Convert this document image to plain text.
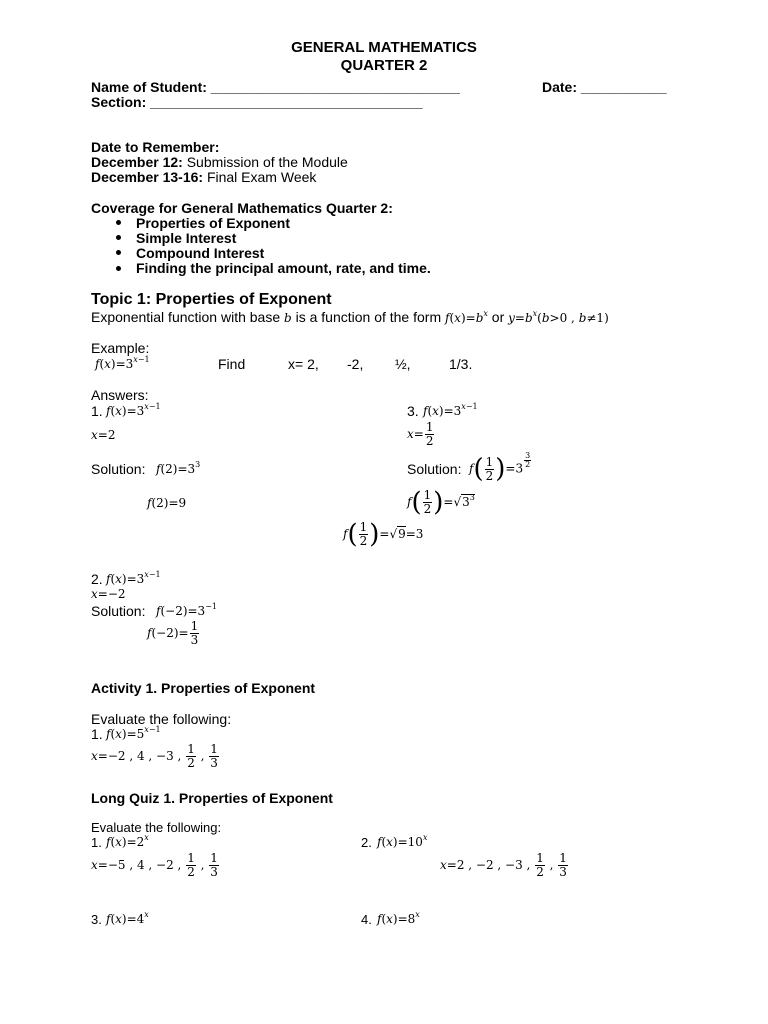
GENERAL MATHEMATICS
QUARTER 2
Name of Student: ________________________________	Date: ___________
Section: ___________________________________
Date to Remember:
December 12: Submission of the Module
December 13-16: Final Exam Week
Coverage for General Mathematics Quarter 2:
Properties of Exponent
Simple Interest
Compound Interest
Finding the principal amount, rate, and time.
Topic 1: Properties of Exponent
Exponential function with base b is a function of the form $f(x)=b^x$ or $y=b^x(b>0$ , b≠1)
Example:
$f(x)=3^{x-1}$	Find	x= 2, -2, ½,	1/3.
Answers:
1. $f(x)=3^{x-1}$
x=2
Solution: $f(2)=3^3$
f(2)=9
3. $f(x)=3^{x-1}$
$x= \frac{1}{2}$
Solution: $f( \frac{1}{2} )=3$ $^{\frac{3}{2}}$
$f( \frac{1}{2} )=√3^3$
$f( \frac{1}{2} )=√9=3$
2. $f(x)=3^{x-1}$
x=−2
Solution: $f(-2)=3^{-1}$
$f(-2)= \frac{1}{3}$
Activity 1. Properties of Exponent
Evaluate the following:
1. $f(x)=5^{x-1}$
x=−2 , 4 , −3 , $\frac{1}{2}$ , $\frac{1}{3}$
Long Quiz 1. Properties of Exponent
Evaluate the following:
1. $f(x)=2^x$
x=−5 , 4 , −2 , $\frac{1}{2}$ , $\frac{1}{3}$
2. $f(x)=10^x$
x=2 , −2 , −3 , $\frac{1}{2}$ , $\frac{1}{3}$
3. $f(x)=4^x$	4. $f(x)=8^x$
